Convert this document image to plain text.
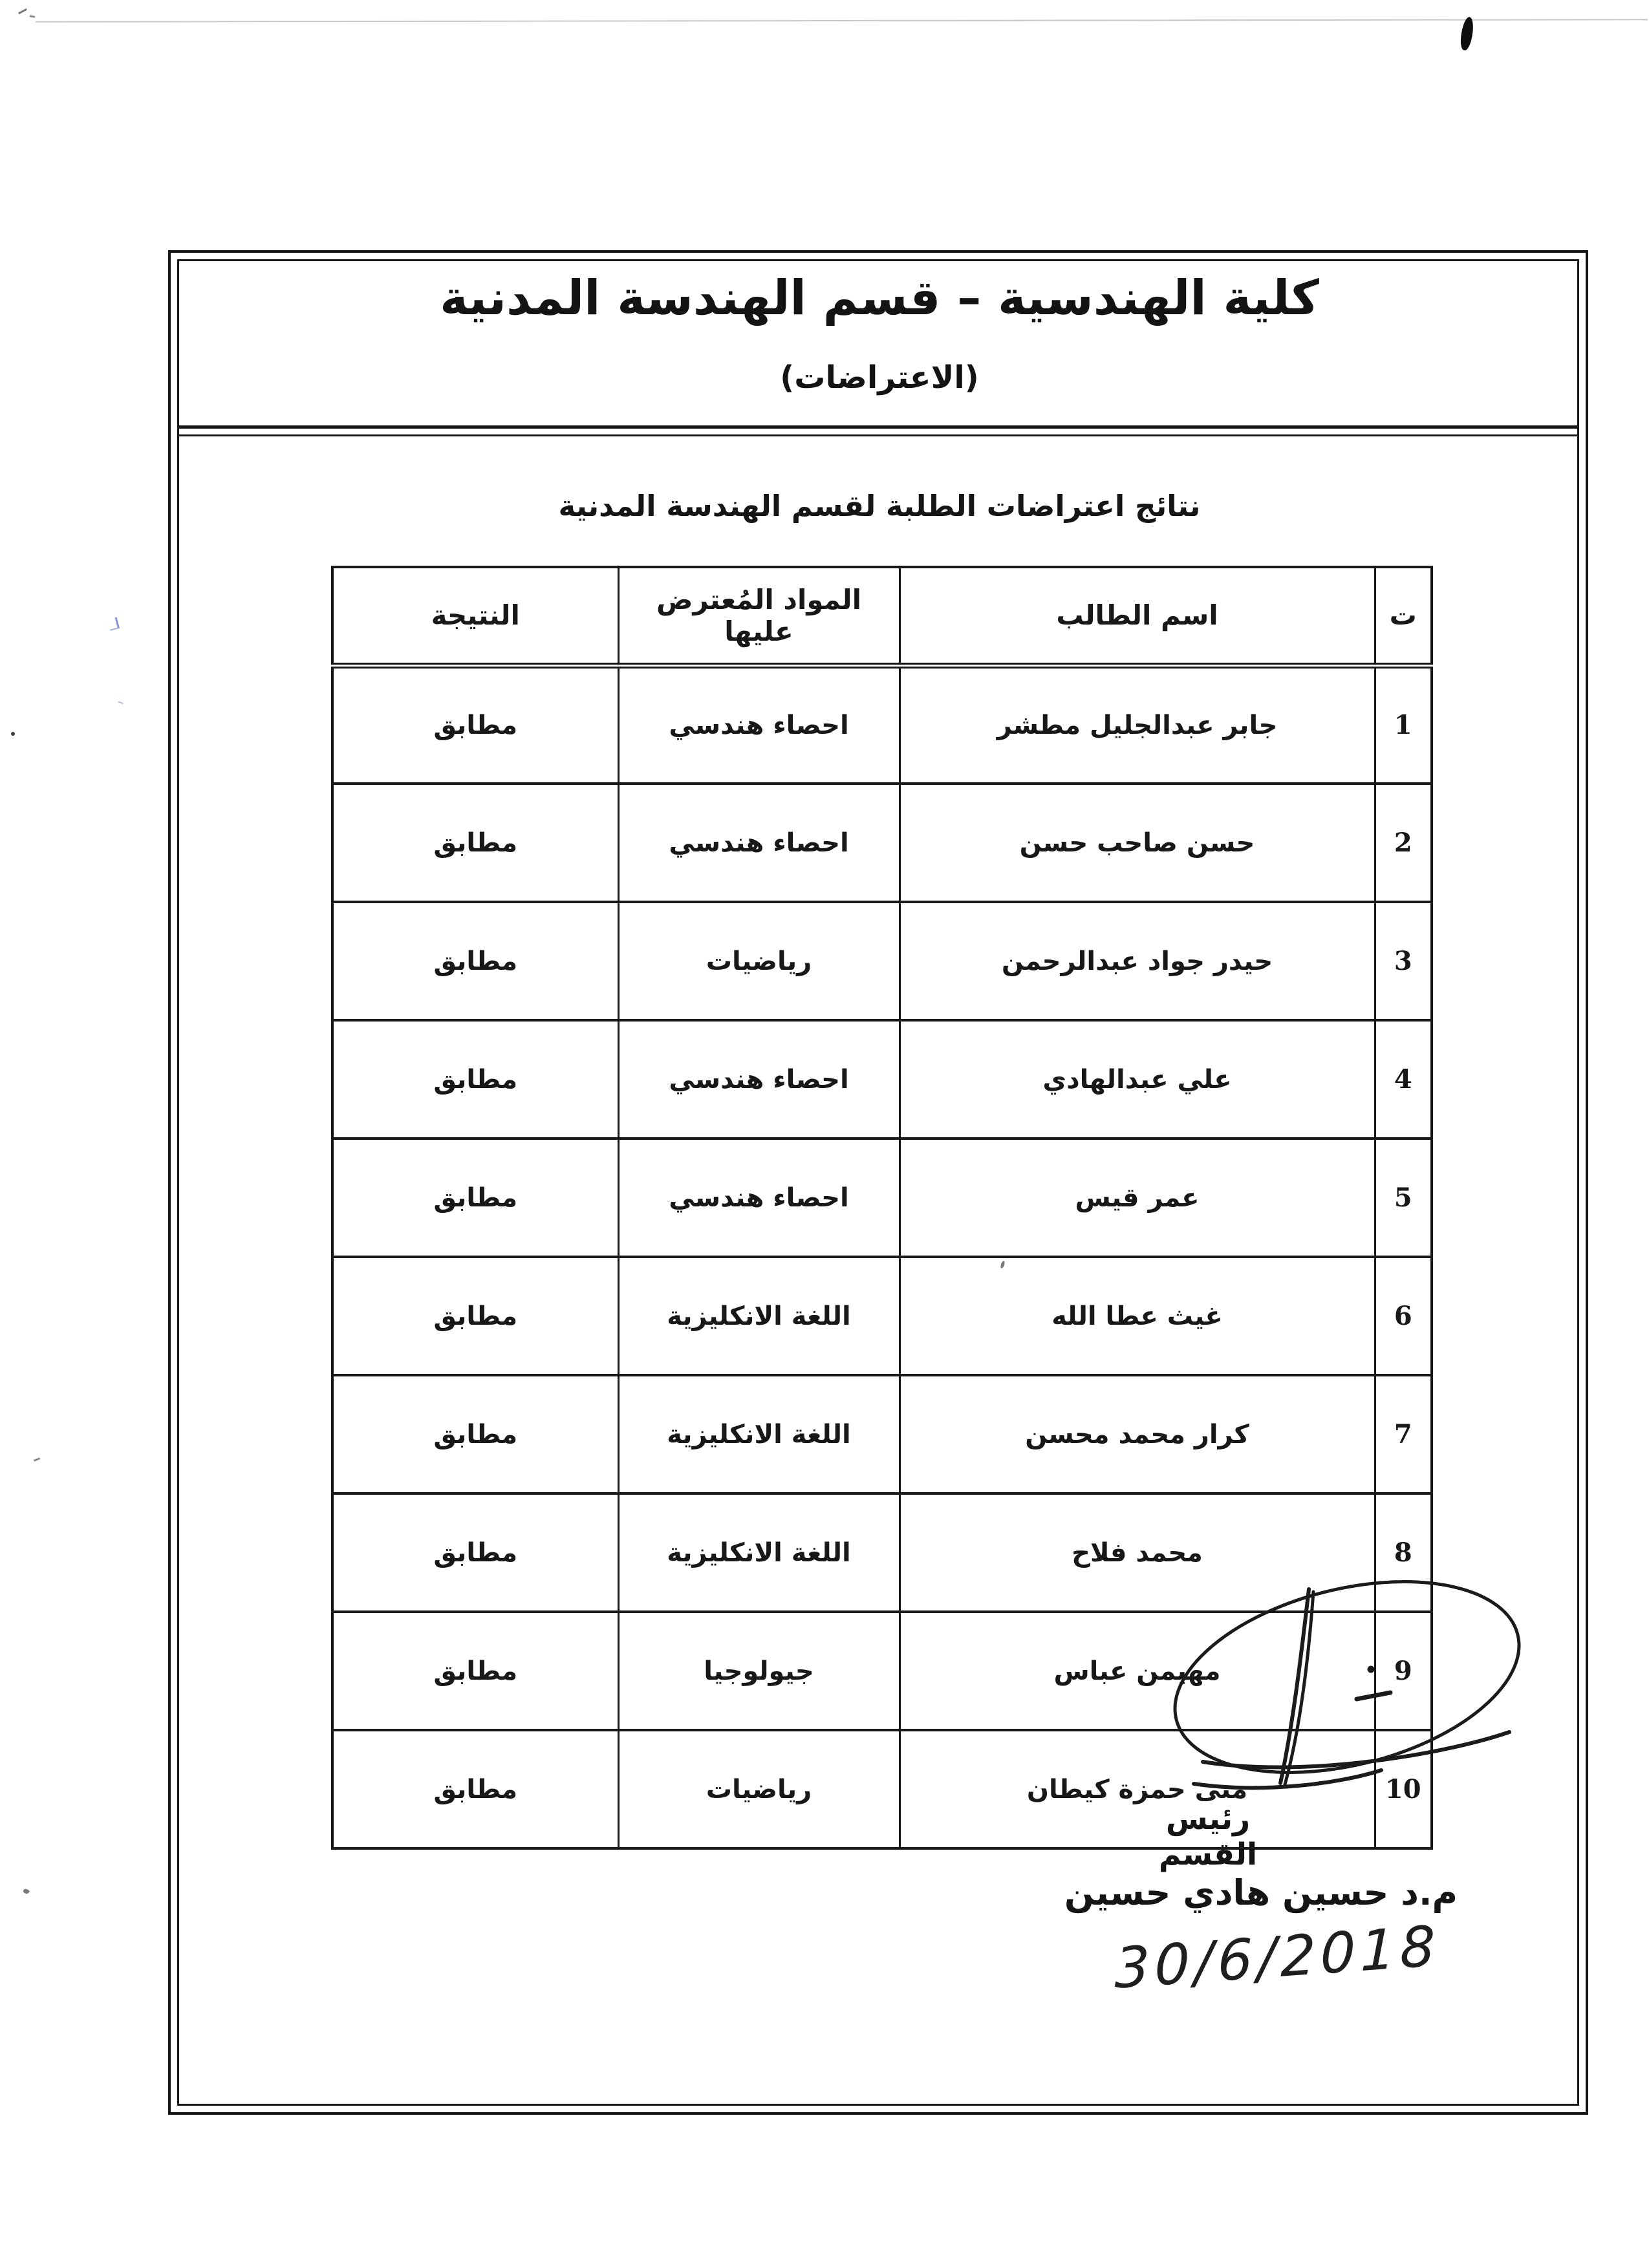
كلية الهندسية – قسم الهندسة المدنية
(الاعتراضات)
نتائج اعتراضات الطلبة لقسم الهندسة المدنية
ت	اسم الطالب	المواد المُعترض عليها	النتيجة
1	جابر عبدالجليل مطشر	احصاء هندسي	مطابق
2	حسن صاحب حسن	احصاء هندسي	مطابق
3	حيدر جواد عبدالرحمن	رياضيات	مطابق
4	علي عبدالهادي	احصاء هندسي	مطابق
5	عمر قيس	احصاء هندسي	مطابق
6	غيث عطا الله	اللغة الانكليزية	مطابق
7	كرار محمد محسن	اللغة الانكليزية	مطابق
8	محمد فلاح	اللغة الانكليزية	مطابق
9	مهيمن عباس	جيولوجيا	مطابق
10	منى حمزة كيطان	رياضيات	مطابق
رئيس القسم
م.د حسين هادي حسين
30/6/2018
